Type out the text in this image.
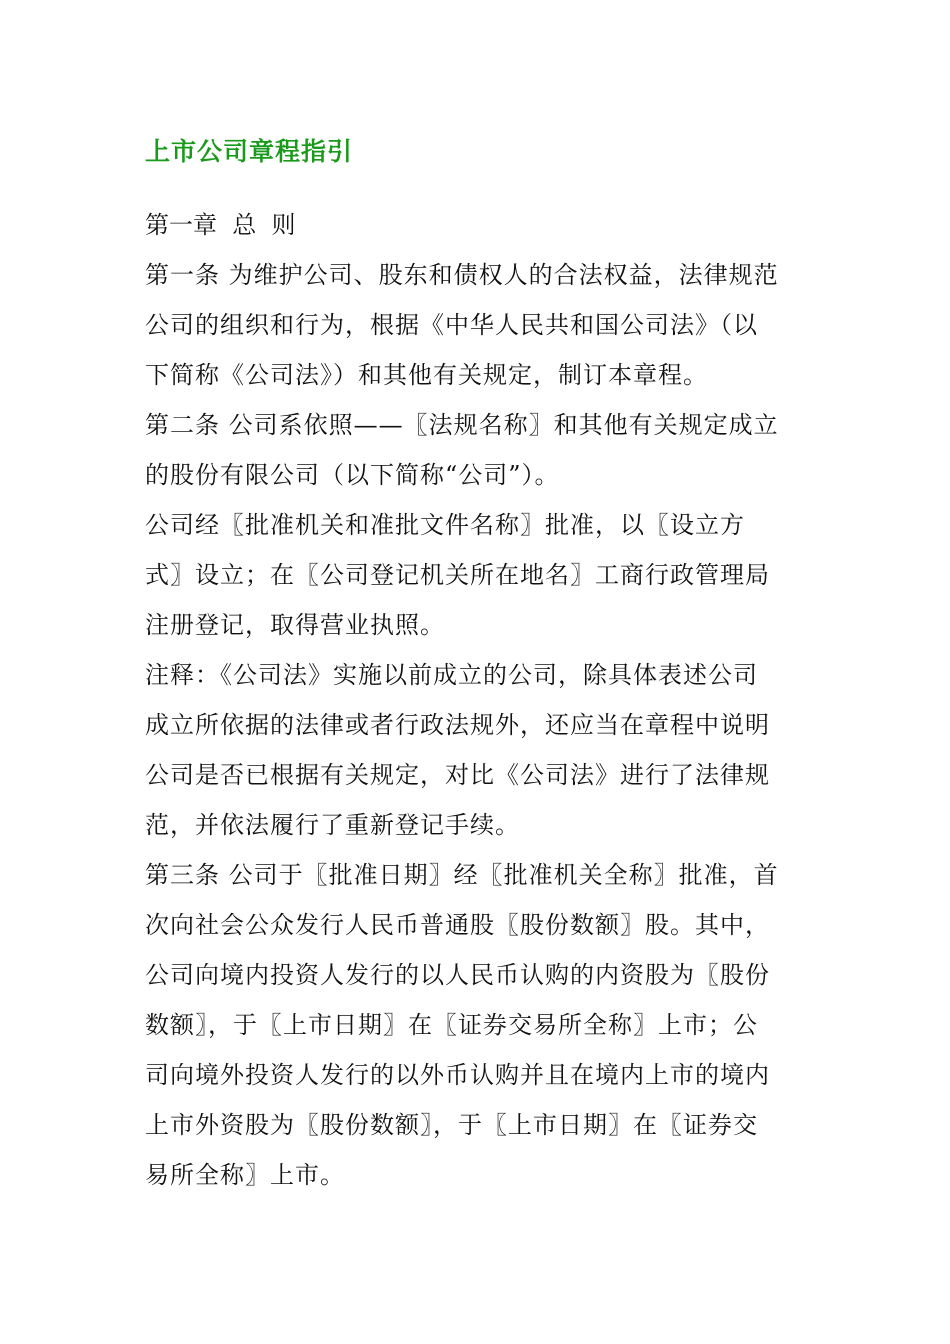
上市公司章程指引

第一章  总  则

第一条 为维护公司、股东和债权人的合法权益，法律规范
公司的组织和行为，根据《中华人民共和国公司法》（以
下简称《公司法》）和其他有关规定，制订本章程。

第二条 公司系依照——〖法规名称〗和其他有关规定成立
的股份有限公司（以下简称“公司”）。

公司经〖批准机关和准批文件名称〗批准，以〖设立方
式〗设立；在〖公司登记机关所在地名〗工商行政管理局
注册登记，取得营业执照。

注释：《公司法》实施以前成立的公司，除具体表述公司
成立所依据的法律或者行政法规外，还应当在章程中说明
公司是否已根据有关规定，对比《公司法》进行了法律规
范，并依法履行了重新登记手续。

第三条 公司于〖批准日期〗经〖批准机关全称〗批准，首
次向社会公众发行人民币普通股〖股份数额〗股。其中，
公司向境内投资人发行的以人民币认购的内资股为〖股份
数额〗，于〖上市日期〗在〖证券交易所全称〗上市；公
司向境外投资人发行的以外币认购并且在境内上市的境内
上市外资股为〖股份数额〗，于〖上市日期〗在〖证券交
易所全称〗上市。
